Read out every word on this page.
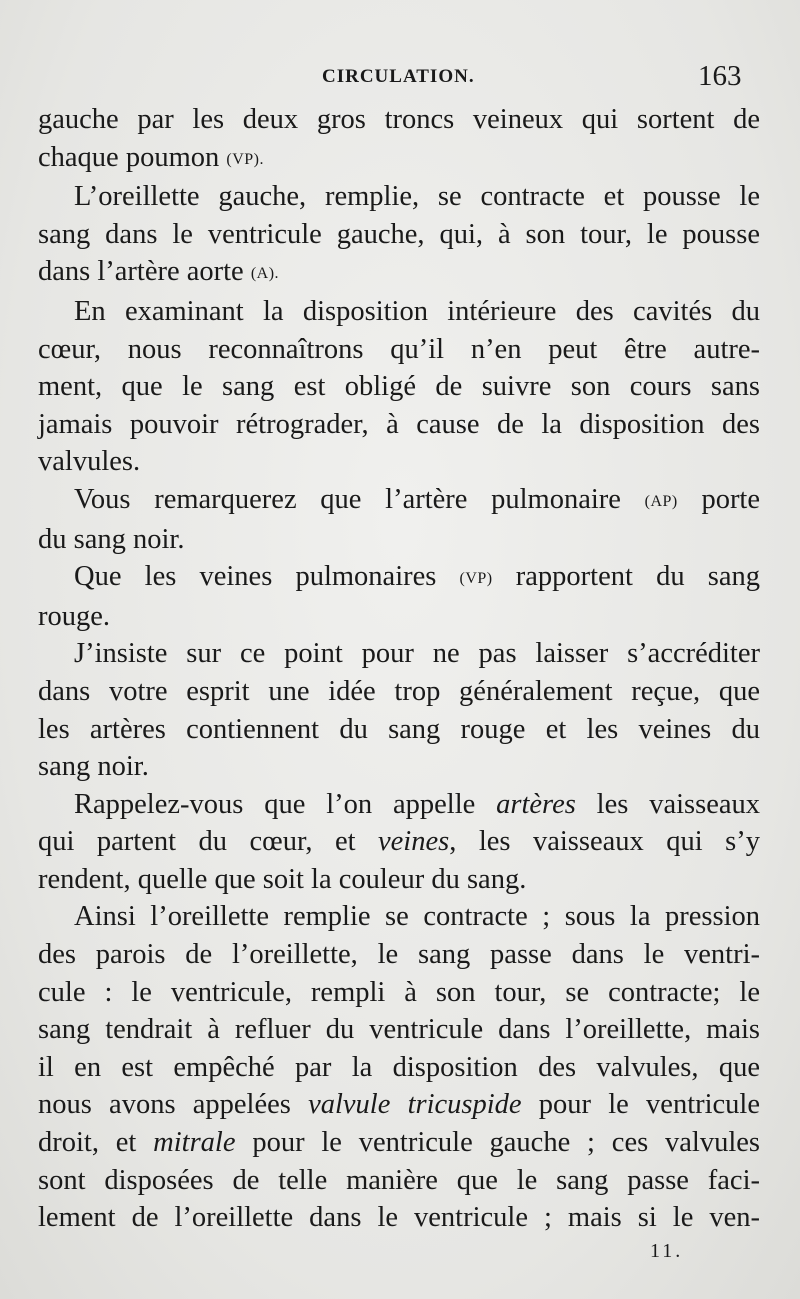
CIRCULATION.	163
gauche par les deux gros troncs veineux qui sortent de
chaque poumon (VP).
L’oreillette gauche, remplie, se contracte et pousse le
sang dans le ventricule gauche, qui, à son tour, le pousse
dans l’artère aorte (A).
En examinant la disposition intérieure des cavités du
cœur, nous reconnaîtrons qu’il n’en peut être autre-
ment, que le sang est obligé de suivre son cours sans
jamais pouvoir rétrograder, à cause de la disposition des
valvules.
Vous remarquerez que l’artère pulmonaire (AP) porte
du sang noir.
Que les veines pulmonaires (VP) rapportent du sang
rouge.
J’insiste sur ce point pour ne pas laisser s’accréditer
dans votre esprit une idée trop généralement reçue, que
les artères contiennent du sang rouge et les veines du
sang noir.
Rappelez-vous que l’on appelle artères les vaisseaux
qui partent du cœur, et veines, les vaisseaux qui s’y
rendent, quelle que soit la couleur du sang.
Ainsi l’oreillette remplie se contracte ; sous la pression
des parois de l’oreillette, le sang passe dans le ventri-
cule : le ventricule, rempli à son tour, se contracte; le
sang tendrait à refluer du ventricule dans l’oreillette, mais
il en est empêché par la disposition des valvules, que
nous avons appelées valvule tricuspide pour le ventricule
droit, et mitrale pour le ventricule gauche ; ces valvules
sont disposées de telle manière que le sang passe faci-
lement de l’oreillette dans le ventricule ; mais si le ven-
11.
